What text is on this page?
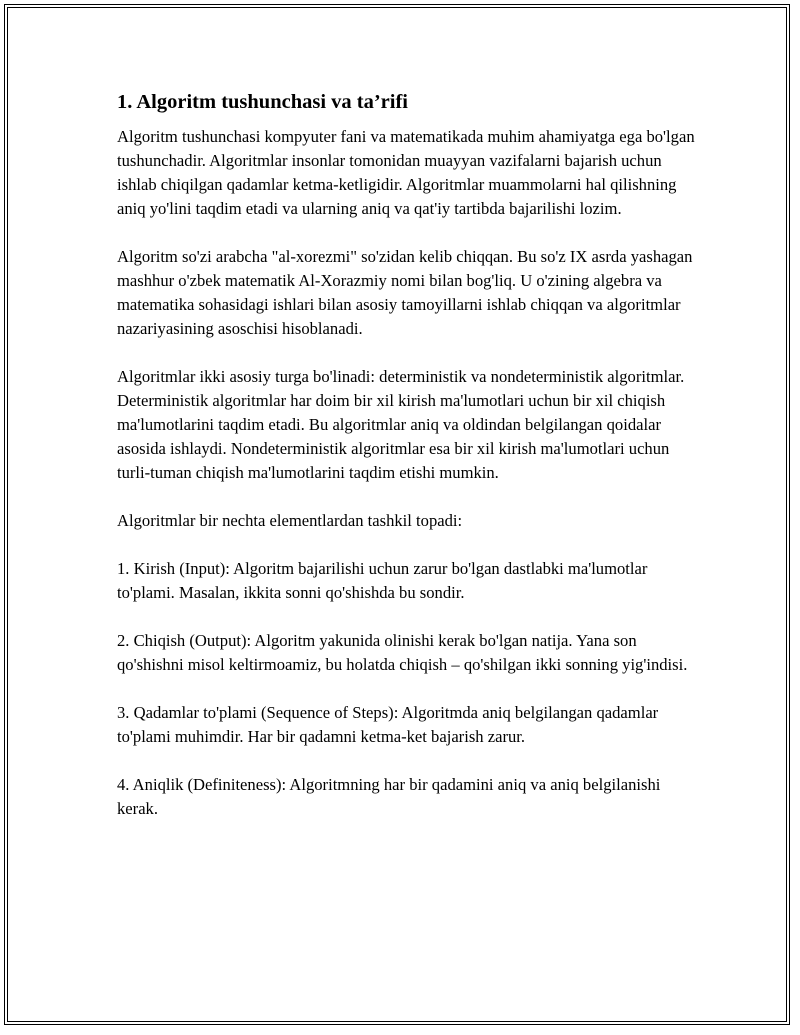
1. Algoritm tushunchasi va ta’rifi

Algoritm tushunchasi kompyuter fani va matematikada muhim ahamiyatga ega bo'lgan tushunchadir. Algoritmlar insonlar tomonidan muayyan vazifalarni bajarish uchun ishlab chiqilgan qadamlar ketma-ketligidir. Algoritmlar muammolarni hal qilishning aniq yo'lini taqdim etadi va ularning aniq va qat'iy tartibda bajarilishi lozim.

Algoritm so'zi arabcha "al-xorezmi" so'zidan kelib chiqqan. Bu so'z IX asrda yashagan mashhur o'zbek matematik Al-Xorazmiy nomi bilan bog'liq. U o'zining algebra va matematika sohasidagi ishlari bilan asosiy tamoyillarni ishlab chiqqan va algoritmlar nazariyasining asoschisi hisoblanadi.

Algoritmlar ikki asosiy turga bo'linadi: deterministik va nondeterministik algoritmlar. Deterministik algoritmlar har doim bir xil kirish ma'lumotlari uchun bir xil chiqish ma'lumotlarini taqdim etadi. Bu algoritmlar aniq va oldindan belgilangan qoidalar asosida ishlaydi. Nondeterministik algoritmlar esa bir xil kirish ma'lumotlari uchun turli-tuman chiqish ma'lumotlarini taqdim etishi mumkin.

Algoritmlar bir nechta elementlardan tashkil topadi:

1. Kirish (Input): Algoritm bajarilishi uchun zarur bo'lgan dastlabki ma'lumotlar to'plami. Masalan, ikkita sonni qo'shishda bu sondir.

2. Chiqish (Output): Algoritm yakunida olinishi kerak bo'lgan natija. Yana son qo'shishni misol keltirmoamiz, bu holatda chiqish – qo'shilgan ikki sonning yig'indisi.

3. Qadamlar to'plami (Sequence of Steps): Algoritmda aniq belgilangan qadamlar to'plami muhimdir. Har bir qadamni ketma-ket bajarish zarur.

4. Aniqlik (Definiteness): Algoritmning har bir qadamini aniq va aniq belgilanishi kerak.
